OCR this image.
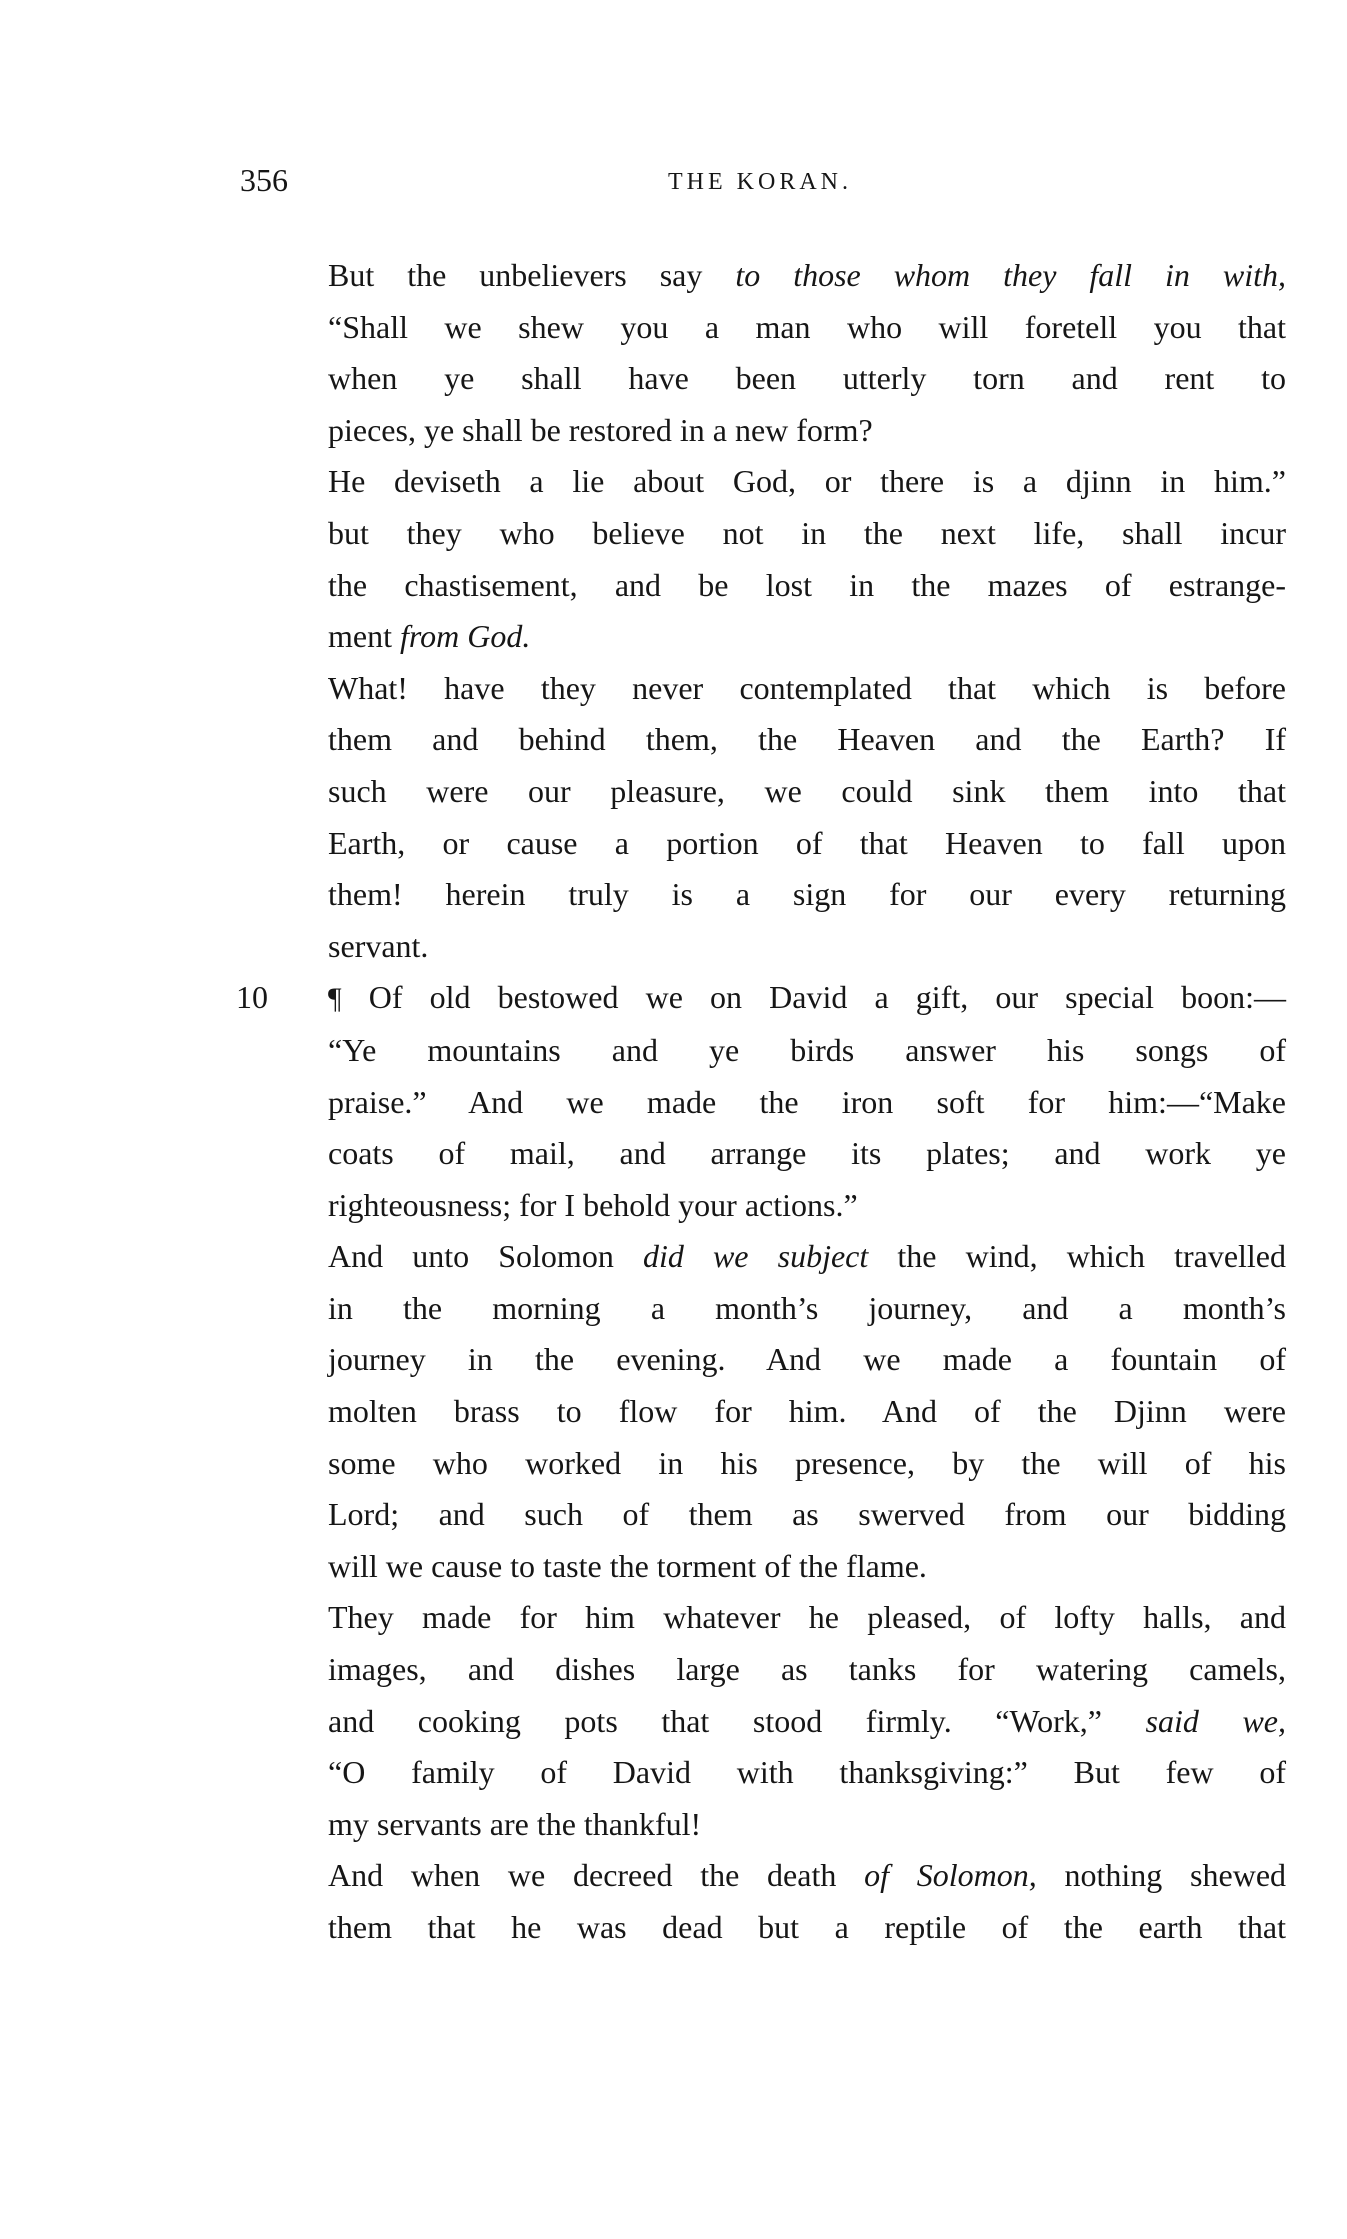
356	THE KORAN.

But the unbelievers say to those whom they fall in with,
“Shall we shew you a man who will foretell you that
when ye shall have been utterly torn and rent to
pieces, ye shall be restored in a new form?

He deviseth a lie about God, or there is a djinn in him.”
but they who believe not in the next life, shall incur
the chastisement, and be lost in the mazes of estrange-
ment from God.

What! have they never contemplated that which is before
them and behind them, the Heaven and the Earth? If
such were our pleasure, we could sink them into that
Earth, or cause a portion of that Heaven to fall upon
them! herein truly is a sign for our every returning
servant.

10 ¶ Of old bestowed we on David a gift, our special boon:—
“Ye mountains and ye birds answer his songs of
praise.” And we made the iron soft for him:—“Make
coats of mail, and arrange its plates; and work ye
righteousness; for I behold your actions.”

And unto Solomon did we subject the wind, which travelled
in the morning a month’s journey, and a month’s
journey in the evening. And we made a fountain of
molten brass to flow for him. And of the Djinn were
some who worked in his presence, by the will of his
Lord; and such of them as swerved from our bidding
will we cause to taste the torment of the flame.

They made for him whatever he pleased, of lofty halls, and
images, and dishes large as tanks for watering camels,
and cooking pots that stood firmly. “Work,” said we,
“O family of David with thanksgiving:” But few of
my servants are the thankful!

And when we decreed the death of Solomon, nothing shewed
them that he was dead but a reptile of the earth that
